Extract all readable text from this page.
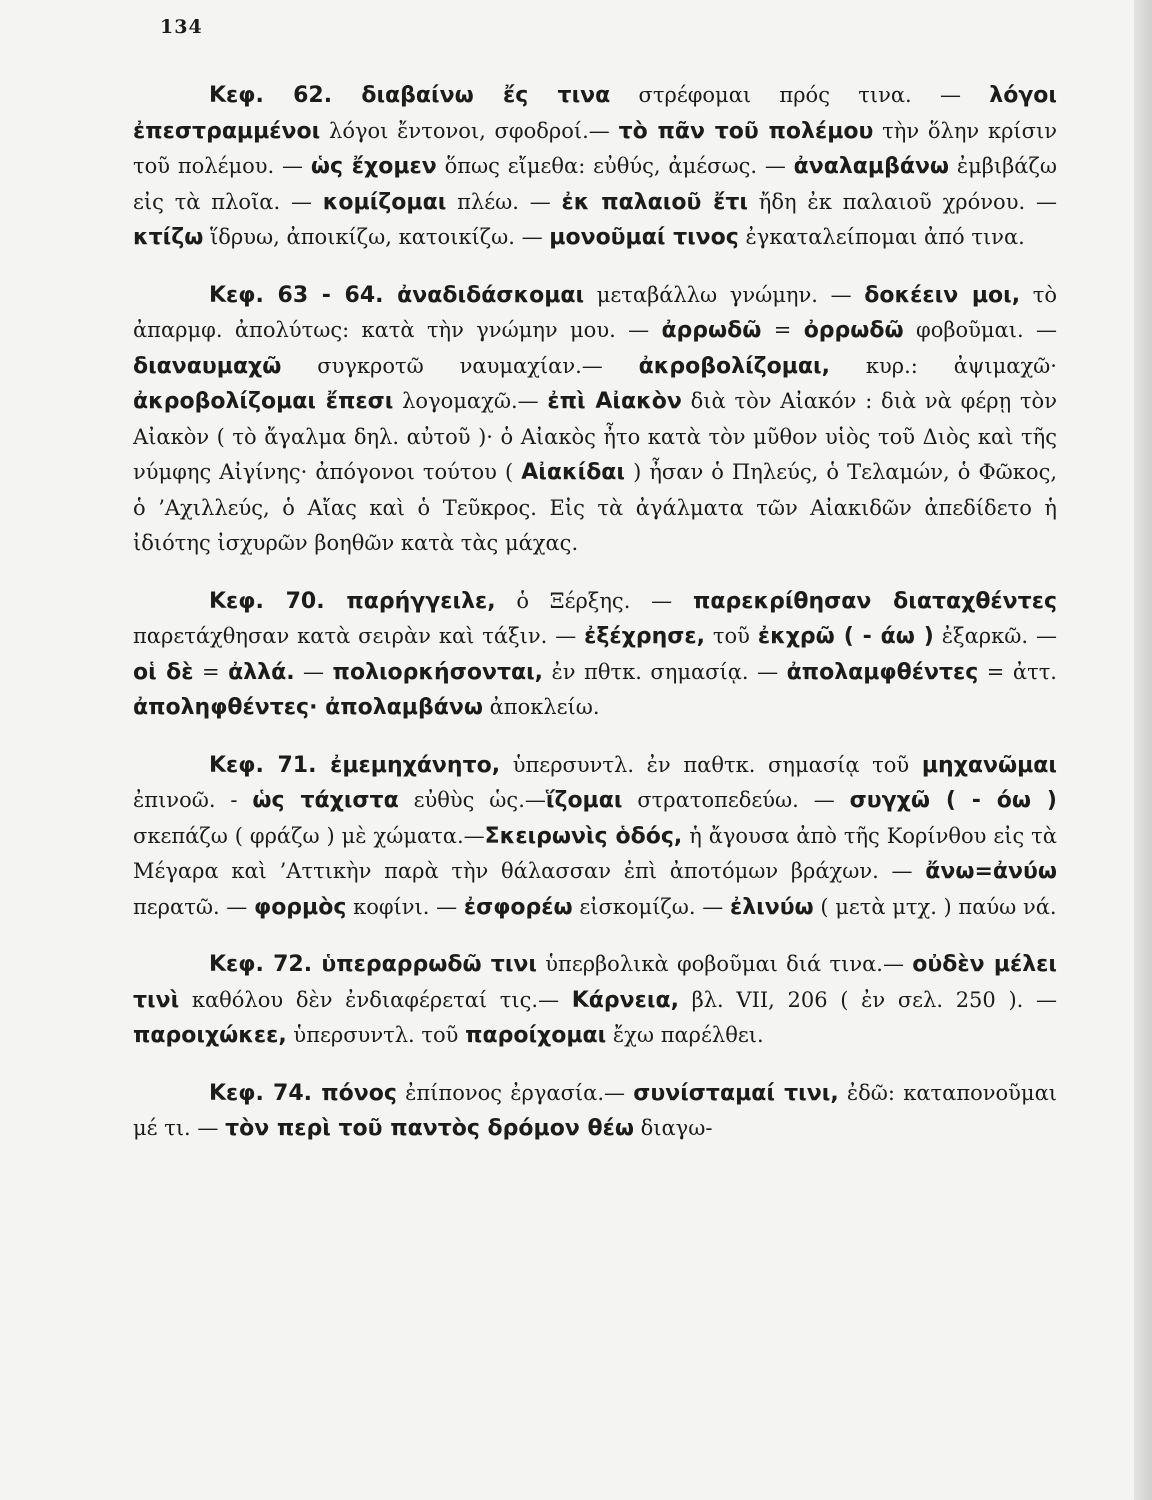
134

Κεφ. 62. διαβαίνω ἔς τινα στρέφομαι πρός τινα. — λόγοι ἐπεστραμμένοι λόγοι ἔντονοι, σφοδροί.— τὸ πᾶν τοῦ πολέμου τὴν ὅλην κρίσιν τοῦ πολέμου. — ὡς ἔχομεν ὅπως εἴμεθα: εὐθύς, ἀμέσως. — ἀναλαμβάνω ἐμβιβάζω εἰς τὰ πλοῖα. — κομίζομαι πλέω. — ἐκ παλαιοῦ ἔτι ἤδη ἐκ παλαιοῦ χρόνου. — κτίζω ἵδρυω, ἀποικίζω, κατοικίζω. — μονοῦμαί τινος ἐγκαταλείπομαι ἀπό τινα.

Κεφ. 63 - 64. ἀναδιδάσκομαι μεταβάλλω γνώμην. — δοκέειν μοι, τὸ ἀπαρμφ. ἀπολύτως: κατὰ τὴν γνώμην μου. — ἀρρωδῶ = ὀρρωδῶ φοβοῦμαι. — διαναυμαχῶ συγκροτῶ ναυμαχίαν.— ἀκροβολίζομαι, κυρ.: ἀψιμαχῶ· ἀκροβολίζομαι ἔπεσι λογομαχῶ.— ἐπὶ Αἰακὸν διὰ τὸν Αἰακόν : διὰ νὰ φέρῃ τὸν Αἰακὸν ( τὸ ἄγαλμα δηλ. αὐτοῦ )· ὁ Αἰακὸς ἦτο κατὰ τὸν μῦθον υἱὸς τοῦ Διὸς καὶ τῆς νύμφης Αἰγίνης· ἀπόγονοι τούτου ( Αἰακίδαι ) ἦσαν ὁ Πηλεύς, ὁ Τελαμών, ὁ Φῶκος, ὁ ’Αχιλλεύς, ὁ Αἴας καὶ ὁ Τεῦκρος. Εἰς τὰ ἀγάλματα τῶν Αἰακιδῶν ἀπεδίδετο ἡ ἰδιότης ἰσχυρῶν βοηθῶν κατὰ τὰς μάχας.

Κεφ. 70. παρήγγειλε, ὁ Ξέρξης. — παρεκρίθησαν διαταχθέντες παρετάχθησαν κατὰ σειρὰν καὶ τάξιν. — ἐξέχρησε, τοῦ ἐκχρῶ ( - άω ) ἐξαρκῶ. — οἱ δὲ = ἀλλά. — πολιορκήσονται, ἐν πθτκ. σημασίᾳ. — ἀπολαμφθέντες = ἀττ. ἀποληφθέντες· ἀπολαμβάνω ἀποκλείω.

Κεφ. 71. ἐμεμηχάνητο, ὑπερσυντλ. ἐν παθτκ. σημασίᾳ τοῦ μηχανῶμαι ἐπινοῶ. - ὡς τάχιστα εὐθὺς ὡς.—ἵζομαι στρατοπεδεύω. — συγχῶ ( - όω ) σκεπάζω ( φράζω ) μὲ χώματα.—Σκειρωνὶς ὁδός, ἡ ἄγουσα ἀπὸ τῆς Κορίνθου εἰς τὰ Μέγαρα καὶ ’Αττικὴν παρὰ τὴν θάλασσαν ἐπὶ ἀποτόμων βράχων. — ἄνω=ἀνύω περατῶ. — φορμὸς κοφίνι. — ἐσφορέω εἰσκομίζω. — ἐλινύω ( μετὰ μτχ. ) παύω νά.

Κεφ. 72. ὑπεραρρωδῶ τινι ὑπερβολικὰ φοβοῦμαι διά τινα.— οὐδὲν μέλει τινὶ καθόλου δὲν ἐνδιαφέρεταί τις.— Κάρνεια, βλ. VII, 206 ( ἐν σελ. 250 ). — παροιχώκεε, ὑπερσυντλ. τοῦ παροίχομαι ἔχω παρέλθει.

Κεφ. 74. πόνος ἐπίπονος ἐργασία.— συνίσταμαί τινι, ἐδῶ: καταπονοῦμαι μέ τι. — τὸν περὶ τοῦ παντὸς δρόμον θέω διαγω-
